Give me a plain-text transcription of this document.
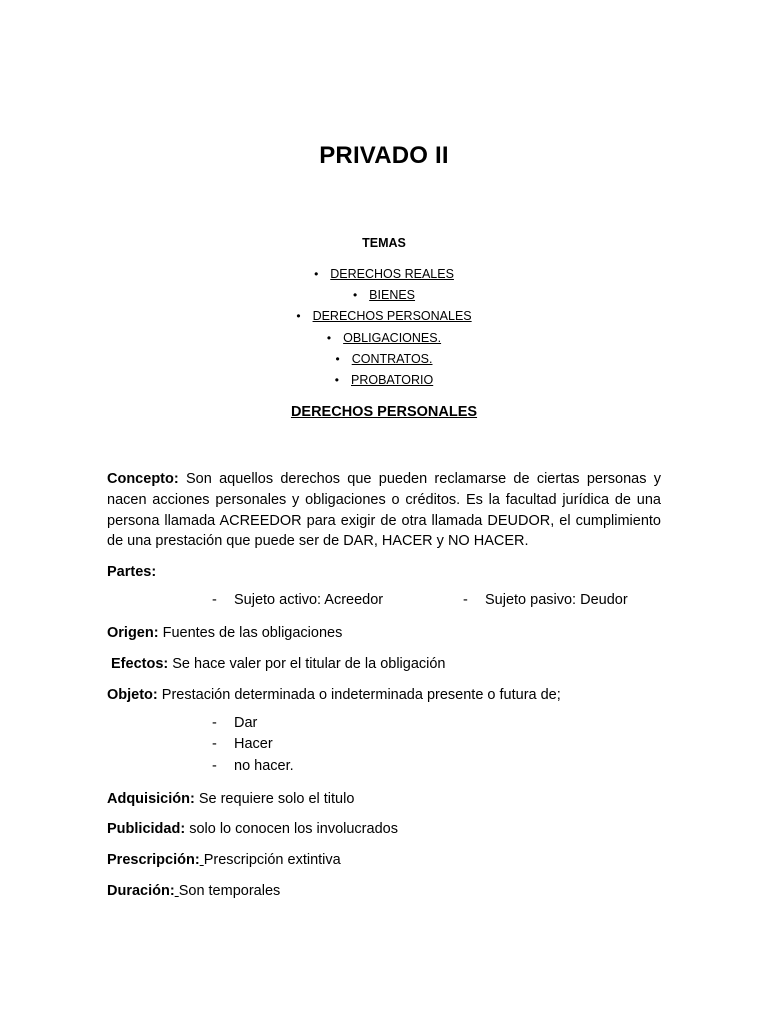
PRIVADO II
TEMAS
• DERECHOS REALES
• BIENES
• DERECHOS PERSONALES
• OBLIGACIONES.
• CONTRATOS.
• PROBATORIO
DERECHOS PERSONALES
Concepto: Son aquellos derechos que pueden reclamarse de ciertas personas y nacen acciones personales y obligaciones o créditos. Es la facultad jurídica de una persona llamada ACREEDOR para exigir de otra llamada DEUDOR, el cumplimiento de una prestación que puede ser de DAR, HACER y NO HACER.
Partes:
- Sujeto activo: Acreedor	- Sujeto pasivo: Deudor
Origen: Fuentes de las obligaciones
Efectos: Se hace valer por el titular de la obligación
Objeto: Prestación determinada o indeterminada presente o futura de;
- Dar
- Hacer
- no hacer.
Adquisición: Se requiere solo el titulo
Publicidad: solo lo conocen los involucrados
Prescripción: Prescripción extintiva
Duración: Son temporales
